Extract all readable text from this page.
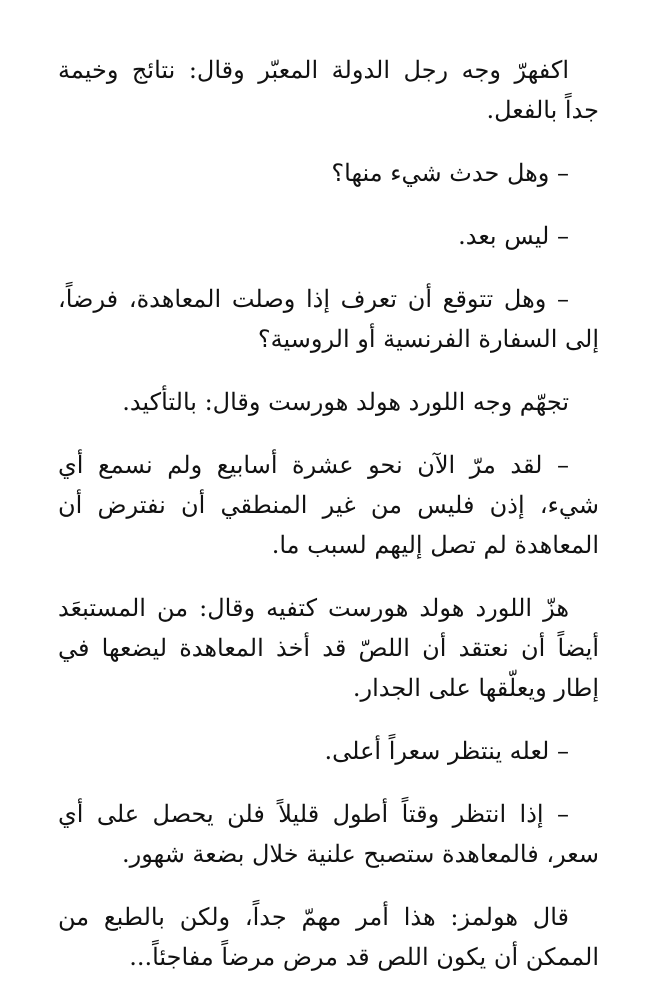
اكفهرّ وجه رجل الدولة المعبّر وقال: نتائج وخيمة جداً بالفعل.

– وهل حدث شيء منها؟

– ليس بعد.

– وهل تتوقع أن تعرف إذا وصلت المعاهدة، فرضاً، إلى السفارة الفرنسية أو الروسية؟

تجهّم وجه اللورد هولد هورست وقال: بالتأكيد.

– لقد مرّ الآن نحو عشرة أسابيع ولم نسمع أي شيء، إذن فليس من غير المنطقي أن نفترض أن المعاهدة لم تصل إليهم لسبب ما.

هزّ اللورد هولد هورست كتفيه وقال: من المستبعَد أيضاً أن نعتقد أن اللصّ قد أخذ المعاهدة ليضعها في إطار ويعلّقها على الجدار.

– لعله ينتظر سعراً أعلى.

– إذا انتظر وقتاً أطول قليلاً فلن يحصل على أي سعر، فالمعاهدة ستصبح علنية خلال بضعة شهور.

قال هولمز: هذا أمر مهمّ جداً، ولكن بالطبع من الممكن أن يكون اللص قد مرض مرضاً مفاجئاً...
